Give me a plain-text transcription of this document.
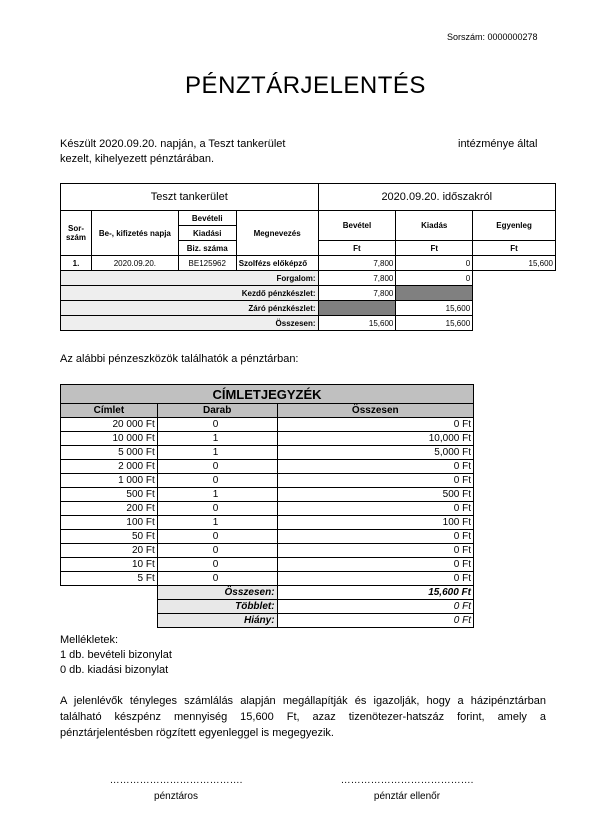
Sorszám: 0000000278
PÉNZTÁRJELENTÉS
Készült 2020.09.20. napján, a Teszt tankerület	intézménye által
kezelt, kihelyezett pénztárában.
Teszt tankerület				2020.09.20. időszakról		
Sor- szám	Be-, kifizetés napja	Bevételi	Megnevezés	Bevétel	Kiadás	Egyenleg
		Kiadási				
		Biz. száma		Ft	Ft	Ft
1.	2020.09.20.	BE125962	Szolfézs előképző	7,800	0	15,600
Forgalom:				7,800	0	
Kezdő pénzkészlet:				7,800		
Záró pénzkészlet:					15,600	
Összesen:				15,600	15,600	
Az alábbi pénzeszközök találhatók a pénztárban:
CÍMLETJEGYZÉK		
Címlet	Darab	Összesen
20 000 Ft	0	0 Ft
10 000 Ft	1	10,000 Ft
5 000 Ft	1	5,000 Ft
2 000 Ft	0	0 Ft
1 000 Ft	0	0 Ft
500 Ft	1	500 Ft
200 Ft	0	0 Ft
100 Ft	1	100 Ft
50 Ft	0	0 Ft
20 Ft	0	0 Ft
10 Ft	0	0 Ft
5 Ft	0	0 Ft
	Összesen:	15,600 Ft
	Többlet:	0 Ft
	Hiány:	0 Ft
Mellékletek:
1 db. bevételi bizonylat
0 db. kiadási bizonylat
A jelenlévők tényleges számlálás alapján megállapítják és igazolják, hogy a házipénztárban található készpénz mennyiség 15,600 Ft, azaz tizenötezer-hatszáz forint, amely a pénztárjelentésben rögzített egyenleggel is megegyezik.
………………………………….	………………………………….
pénztáros	pénztár ellenőr
